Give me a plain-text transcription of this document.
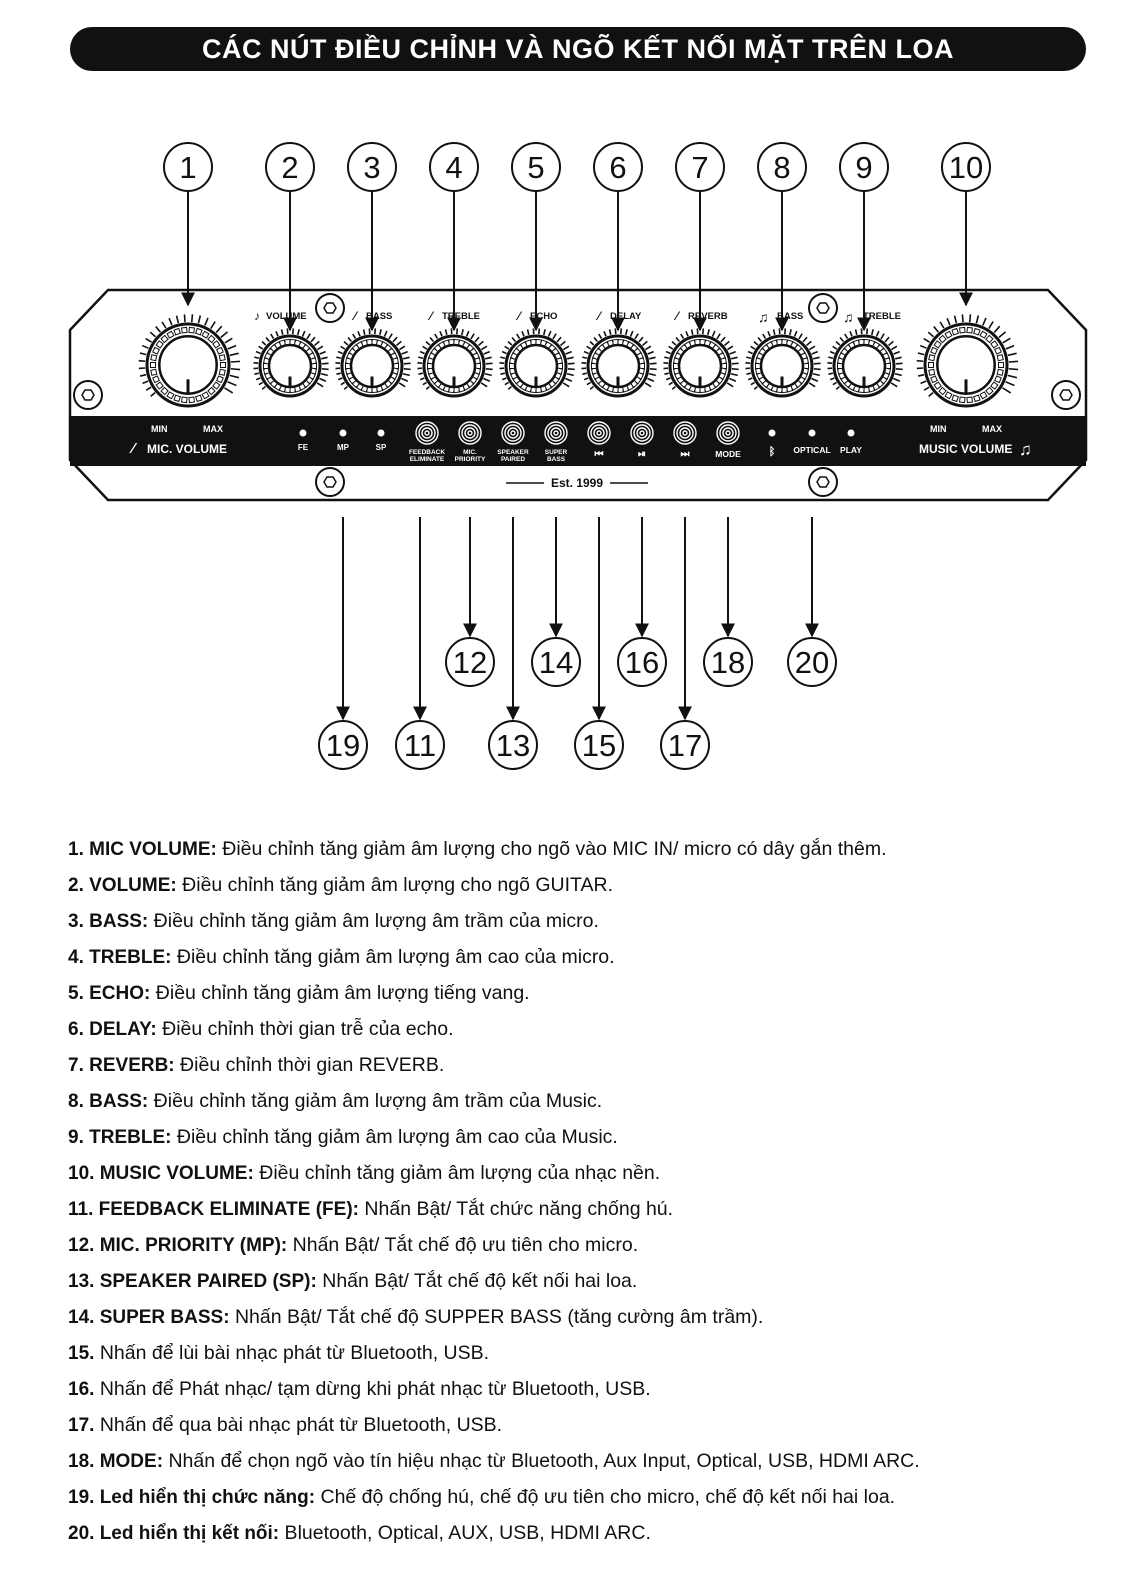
CÁC NÚT ĐIỀU CHỈNH VÀ NGÕ KẾT NỐI MẶT TRÊN LOA
1	2 3 4 5 6 7 8 9 10
12 14 16 18 20
19 11 13 15 17
♪ VOLUME	⁄	BASS	⁄	TREBLE	⁄	ECHO	⁄	DELAY	⁄	REVERB ♫ BASS	♫ TREBLE
MIN	MAX
⁄ MIC. VOLUME	FE	MP	SP
FEEDBACK
ELIMINATE
MIC.
PRIORITY
SPEAKER
PAIRED
SUPER
BASS	⏮	⏯	⏭	MODE	ᛒ OPTICAL PLAY
MIN	MAX
MUSIC VOLUME ♫
Est. 1999
1. MIC VOLUME: Điều chỉnh tăng giảm âm lượng cho ngõ vào MIC IN/ micro có dây gắn thêm.
2. VOLUME: Điều chỉnh tăng giảm âm lượng cho ngõ GUITAR.
3. BASS: Điều chỉnh tăng giảm âm lượng âm trầm của micro.
4. TREBLE: Điều chỉnh tăng giảm âm lượng âm cao của micro.
5. ECHO: Điều chỉnh tăng giảm âm lượng tiếng vang.
6. DELAY: Điều chỉnh thời gian trễ của echo.
7. REVERB: Điều chỉnh thời gian REVERB.
8. BASS: Điều chỉnh tăng giảm âm lượng âm trầm của Music.
9. TREBLE: Điều chỉnh tăng giảm âm lượng âm cao của Music.
10. MUSIC VOLUME: Điều chỉnh tăng giảm âm lượng của nhạc nền.
11. FEEDBACK ELIMINATE (FE): Nhấn Bật/ Tắt chức năng chống hú.
12. MIC. PRIORITY (MP): Nhấn Bật/ Tắt chế độ ưu tiên cho micro.
13. SPEAKER PAIRED (SP): Nhấn Bật/ Tắt chế độ kết nối hai loa.
14. SUPER BASS: Nhấn Bật/ Tắt chế độ SUPPER BASS (tăng cường âm trầm).
15. Nhấn để lùi bài nhạc phát từ Bluetooth, USB.
16. Nhấn để Phát nhạc/ tạm dừng khi phát nhạc từ Bluetooth, USB.
17. Nhấn để qua bài nhạc phát từ Bluetooth, USB.
18. MODE: Nhấn để chọn ngõ vào tín hiệu nhạc từ Bluetooth, Aux Input, Optical, USB, HDMI ARC.
19. Led hiển thị chức năng: Chế độ chống hú, chế độ ưu tiên cho micro, chế độ kết nối hai loa.
20. Led hiển thị kết nối: Bluetooth, Optical, AUX, USB, HDMI ARC.
